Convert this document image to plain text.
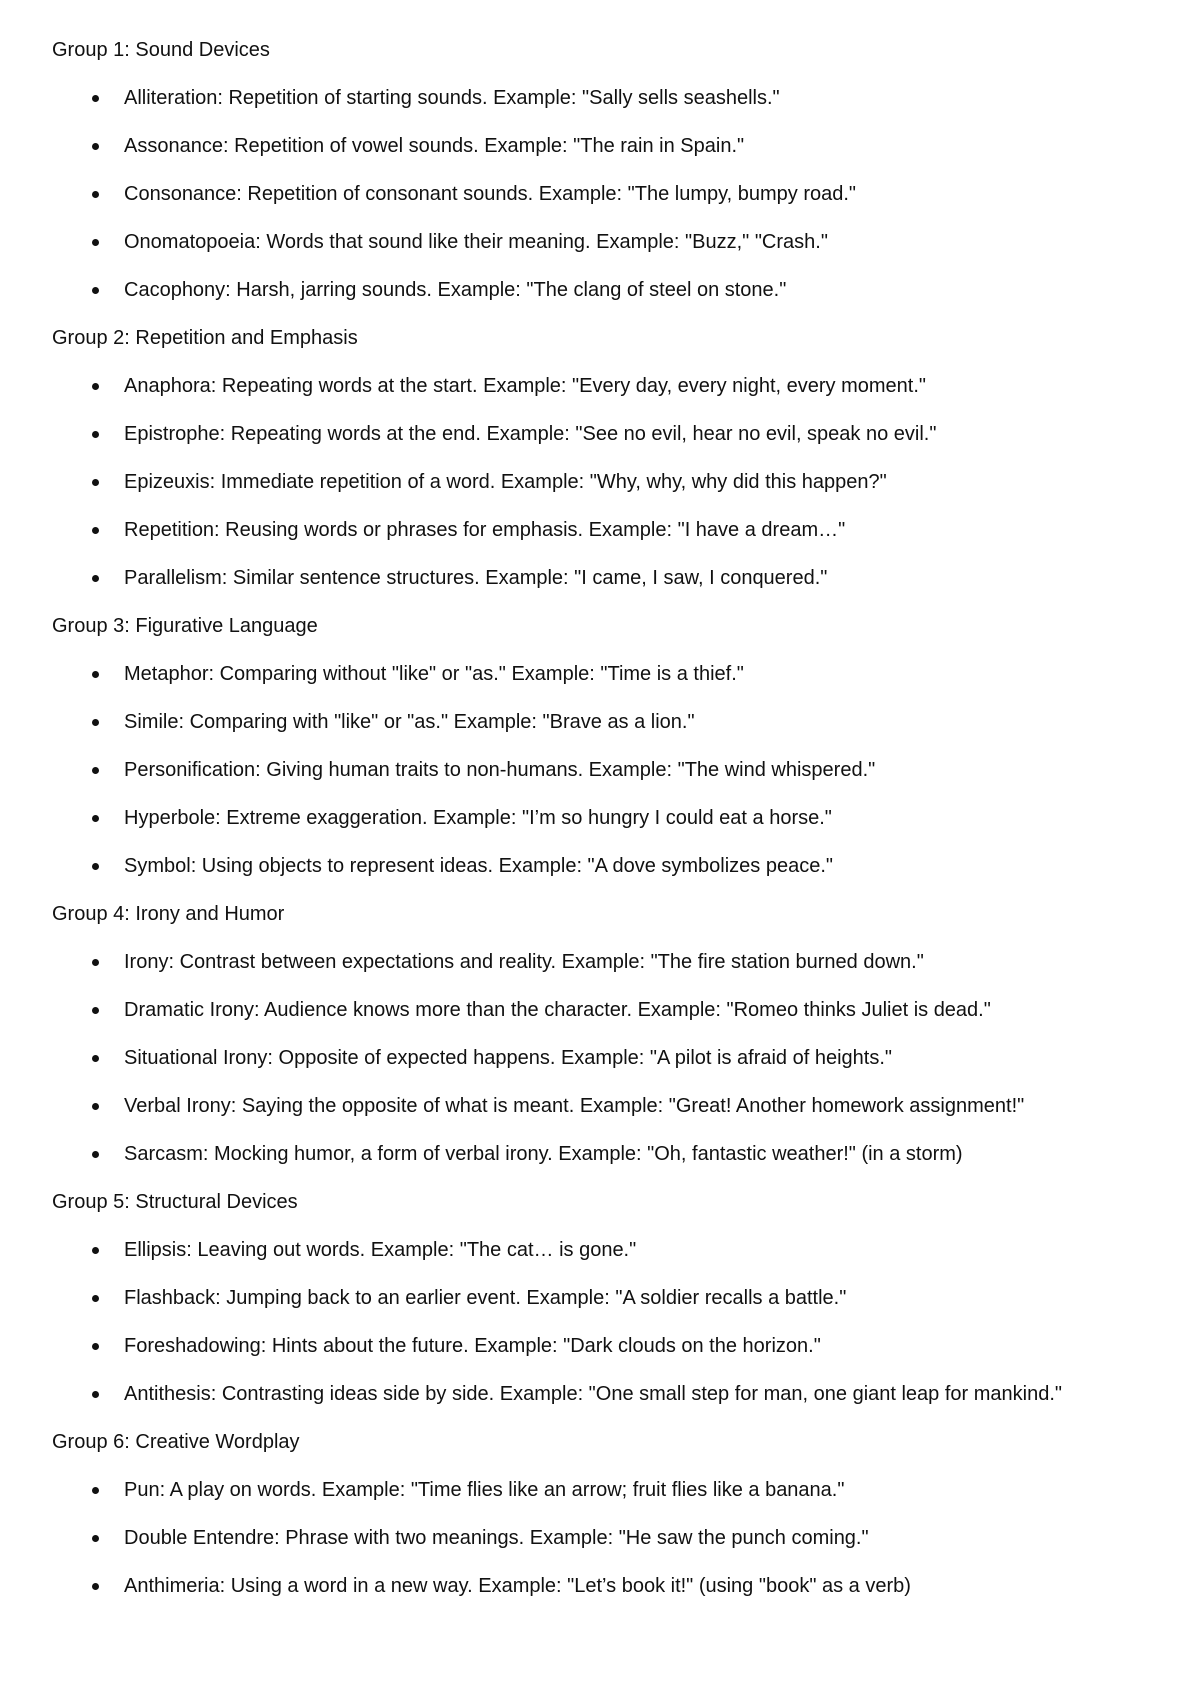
Group 1: Sound Devices
Alliteration: Repetition of starting sounds. Example: "Sally sells seashells."
Assonance: Repetition of vowel sounds. Example: "The rain in Spain."
Consonance: Repetition of consonant sounds. Example: "The lumpy, bumpy road."
Onomatopoeia: Words that sound like their meaning. Example: "Buzz," "Crash."
Cacophony: Harsh, jarring sounds. Example: "The clang of steel on stone."
Group 2: Repetition and Emphasis
Anaphora: Repeating words at the start. Example: "Every day, every night, every moment."
Epistrophe: Repeating words at the end. Example: "See no evil, hear no evil, speak no evil."
Epizeuxis: Immediate repetition of a word. Example: "Why, why, why did this happen?"
Repetition: Reusing words or phrases for emphasis. Example: "I have a dream…"
Parallelism: Similar sentence structures. Example: "I came, I saw, I conquered."
Group 3: Figurative Language
Metaphor: Comparing without "like" or "as." Example: "Time is a thief."
Simile: Comparing with "like" or "as." Example: "Brave as a lion."
Personification: Giving human traits to non-humans. Example: "The wind whispered."
Hyperbole: Extreme exaggeration. Example: "I’m so hungry I could eat a horse."
Symbol: Using objects to represent ideas. Example: "A dove symbolizes peace."
Group 4: Irony and Humor
Irony: Contrast between expectations and reality. Example: "The fire station burned down."
Dramatic Irony: Audience knows more than the character. Example: "Romeo thinks Juliet is dead."
Situational Irony: Opposite of expected happens. Example: "A pilot is afraid of heights."
Verbal Irony: Saying the opposite of what is meant. Example: "Great! Another homework assignment!"
Sarcasm: Mocking humor, a form of verbal irony. Example: "Oh, fantastic weather!" (in a storm)
Group 5: Structural Devices
Ellipsis: Leaving out words. Example: "The cat… is gone."
Flashback: Jumping back to an earlier event. Example: "A soldier recalls a battle."
Foreshadowing: Hints about the future. Example: "Dark clouds on the horizon."
Antithesis: Contrasting ideas side by side. Example: "One small step for man, one giant leap for mankind."
Group 6: Creative Wordplay
Pun: A play on words. Example: "Time flies like an arrow; fruit flies like a banana."
Double Entendre: Phrase with two meanings. Example: "He saw the punch coming."
Anthimeria: Using a word in a new way. Example: "Let’s book it!" (using "book" as a verb)
